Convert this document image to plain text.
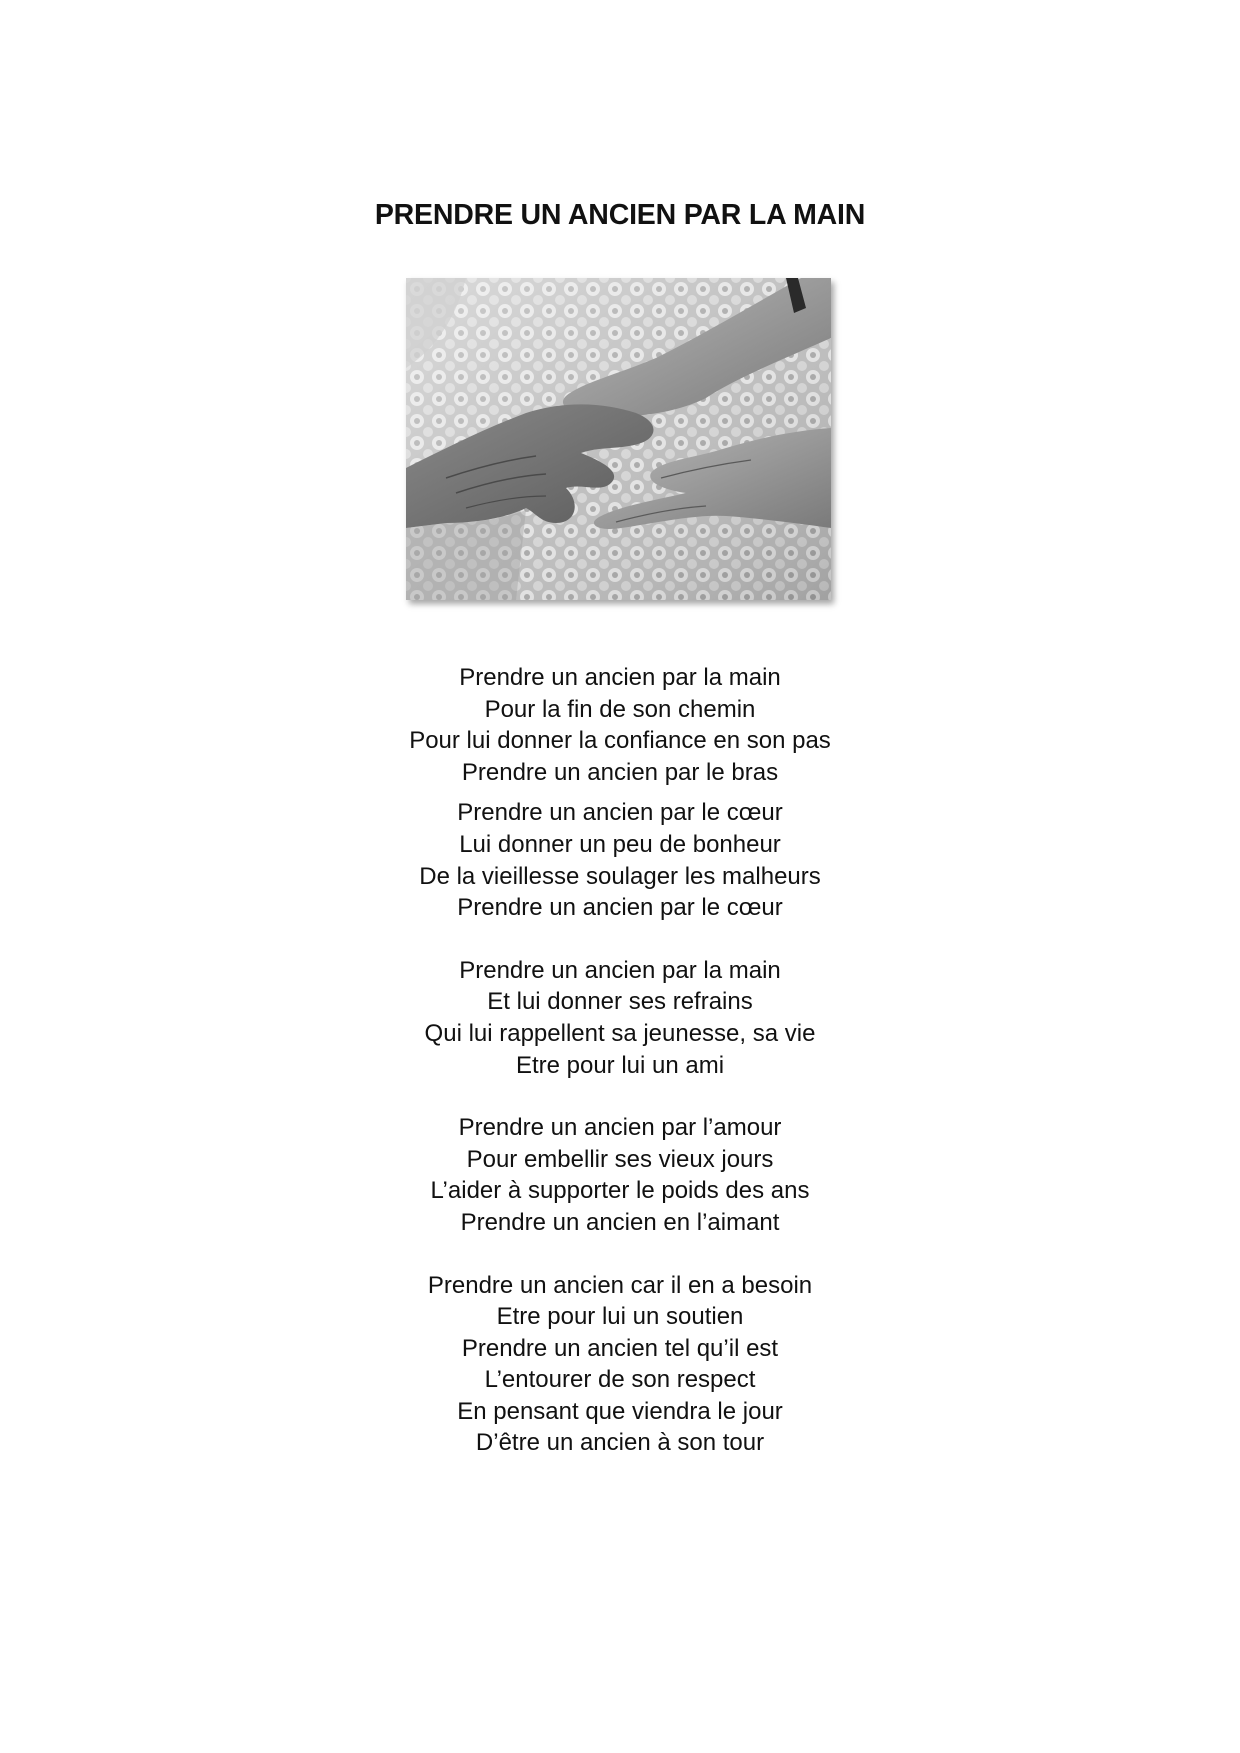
PRENDRE UN ANCIEN PAR LA MAIN

Prendre un ancien par la main
Pour la fin de son chemin
Pour lui donner la confiance en son pas
Prendre un ancien par le bras

Prendre un ancien par le cœur
Lui donner un peu de bonheur
De la vieillesse soulager les malheurs
Prendre un ancien par le cœur

Prendre un ancien par la main
Et lui donner ses refrains
Qui lui rappellent sa jeunesse, sa vie
Etre pour lui un ami

Prendre un ancien par l’amour
Pour embellir ses vieux jours
L’aider à supporter le poids des ans
Prendre un ancien en l’aimant

Prendre un ancien car il en a besoin
Etre pour lui un soutien
Prendre un ancien tel qu’il est
L’entourer de son respect
En pensant que viendra le jour
D’être un ancien à son tour
